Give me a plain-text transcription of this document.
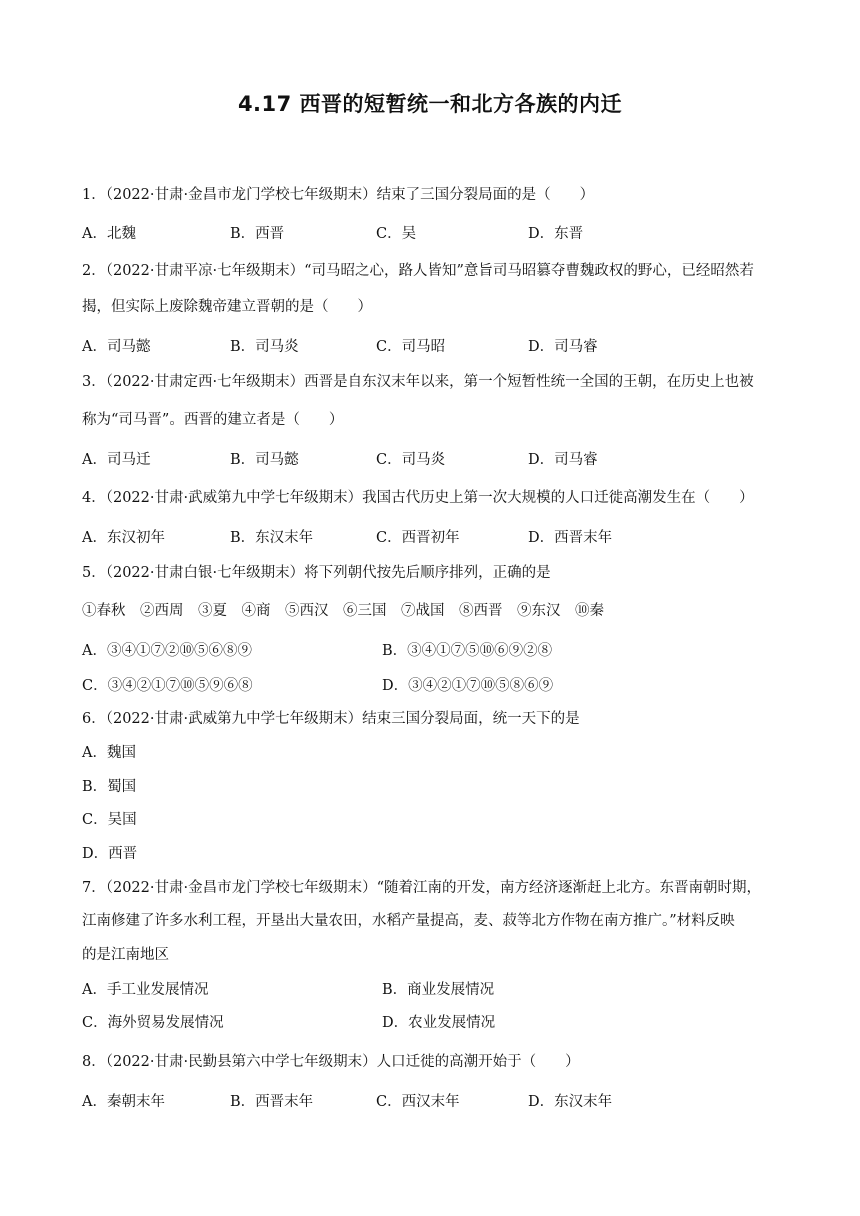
4.17 西晋的短暂统一和北方各族的内迁
1．（2022·甘肃·金昌市龙门学校七年级期末）结束了三国分裂局面的是（　　）
A．北魏	B．西晋	C．吴	D．东晋
2．（2022·甘肃平凉·七年级期末）“司马昭之心，路人皆知”意旨司马昭篡夺曹魏政权的野心，已经昭然若
揭，但实际上废除魏帝建立晋朝的是（　　）
A．司马懿	B．司马炎	C．司马昭	D．司马睿
3．（2022·甘肃定西·七年级期末）西晋是自东汉末年以来，第一个短暂性统一全国的王朝，在历史上也被
称为“司马晋”。西晋的建立者是（　　）
A．司马迁	B．司马懿	C．司马炎	D．司马睿
4．（2022·甘肃·武威第九中学七年级期末）我国古代历史上第一次大规模的人口迁徙高潮发生在（　　）
A．东汉初年	B．东汉末年	C．西晋初年	D．西晋末年
5．（2022·甘肃白银·七年级期末）将下列朝代按先后顺序排列，正确的是
①春秋　②西周　③夏　④商　⑤西汉　⑥三国　⑦战国　⑧西晋　⑨东汉　⑩秦
A．③④①⑦②⑩⑤⑥⑧⑨	B．③④①⑦⑤⑩⑥⑨②⑧
C．③④②①⑦⑩⑤⑨⑥⑧	D．③④②①⑦⑩⑤⑧⑥⑨
6．（2022·甘肃·武威第九中学七年级期末）结束三国分裂局面，统一天下的是
A．魏国
B．蜀国
C．吴国
D．西晋
7．（2022·甘肃·金昌市龙门学校七年级期末）“随着江南的开发，南方经济逐渐赶上北方。东晋南朝时期，
江南修建了许多水利工程，开垦出大量农田，水稻产量提高，麦、菽等北方作物在南方推广。”材料反映
的是江南地区
A．手工业发展情况	B．商业发展情况
C．海外贸易发展情况	D．农业发展情况
8．（2022·甘肃·民勤县第六中学七年级期末）人口迁徙的高潮开始于（　　）
A．秦朝末年	B．西晋末年	C．西汉末年	D．东汉末年
